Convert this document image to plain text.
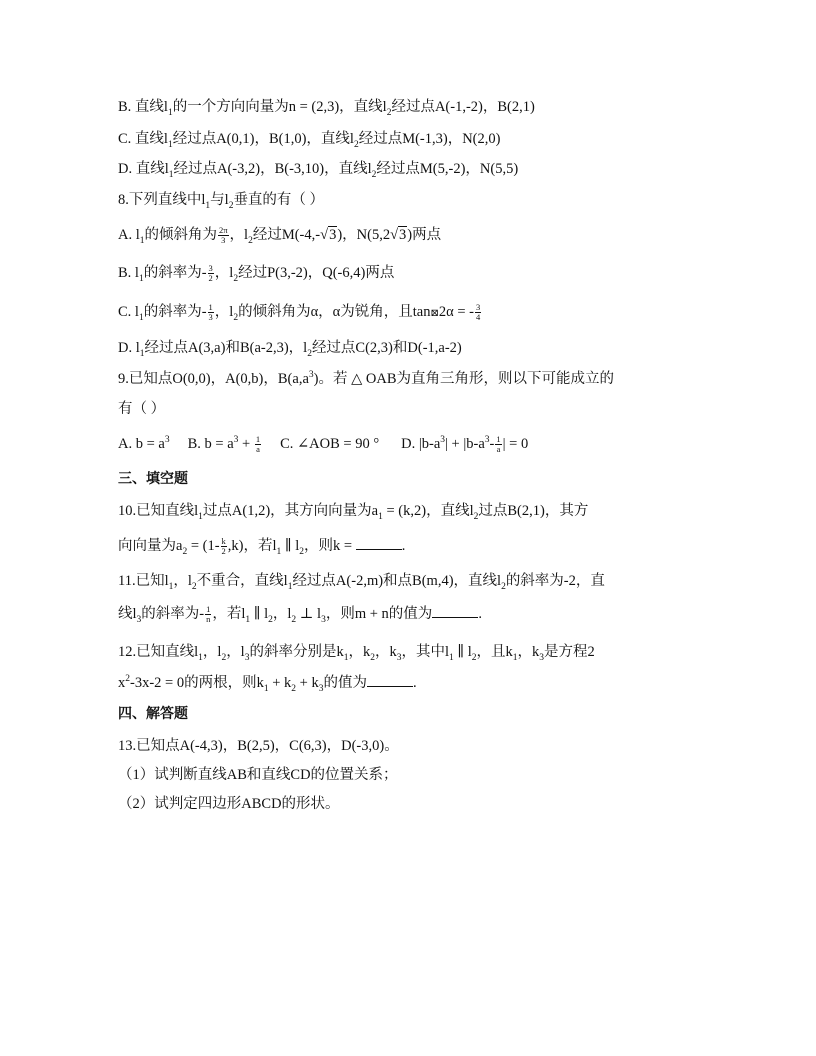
B. 直线$l_1$的一个方向向量为n = (2,3)，直线$l_2$经过点A(-1,-2)，B(2,1)
C. 直线$l_1$经过点A(0,1)，B(1,0)，直线$l_2$经过点M(-1,3)，N(2,0)
D. 直线$l_1$经过点A(-3,2)，B(-3,10)，直线$l_2$经过点M(5,-2)，N(5,5)
8.下列直线中$l_1$与$l_2$垂直的有（ ）
A. $l_1$的倾斜角为 $\frac{2\pi}{3}$ ，$l_2$经过M(-4,-√3)，N(5,2√3)两点
B. $l_1$的斜率为- $\frac{3}{2}$ ，$l_2$经过P(3,-2)，Q(-6,4)两点
C. $l_1$的斜率为- $\frac{1}{3}$ ，$l_2$的倾斜角为α，α为锐角，且tan⊠2α = - $\frac{3}{4}$
D. $l_1$经过点A(3,a)和B(a-2,3)，$l_2$经过点C(2,3)和D(-1,a-2)
9.已知点O(0,0)，A(0,b)，$B(a,a^3)$。若 △ OAB为直角三角形，则以下可能成立的
有（ ）
A. $b = a^3$ B. $b = a^3 + \frac{1}{a} C$. ∠AOB = 90 ° D. $|b-a^3| + |b-a^3- \frac{1}{a}$ | = 0
三、填空题
10.已知直线$l_1$过点A(1,2)，其方向向量为$a_1 = (k,2)$，直线$l_2$过点B(2,1)，其方
向向量为$a_2 = (1- \frac{k}{2} ,k)$，若$l_1$ ∥ $l_2$，则k =	.
11.已知$l_1$，$l_2$不重合，直线$l_1$经过点A(-2,m)和点B(m,4)，直线$l_2$的斜率为-2，直
线$l_3$的斜率为- $\frac{1}{n}$ ，若$l_1$ ∥ $l_2$，$l_2$ ⊥ $l_3$，则m + n的值为	.
12.已知直线$l_1$，$l_2$，$l_3$的斜率分别是$k_1$，$k_2$，$k_3$，其中$l_1$ ∥ $l_2$，且$k_1$，$k_3$是方程2
$x^2-3x-2 = 0$的两根，则$k_1 + k_2 + k_3$的值为	.
四、解答题
13.已知点A(-4,3)，B(2,5)，C(6,3)，D(-3,0)。
（1）试判断直线AB和直线CD的位置关系；
（2）试判定四边形ABCD的形状。
